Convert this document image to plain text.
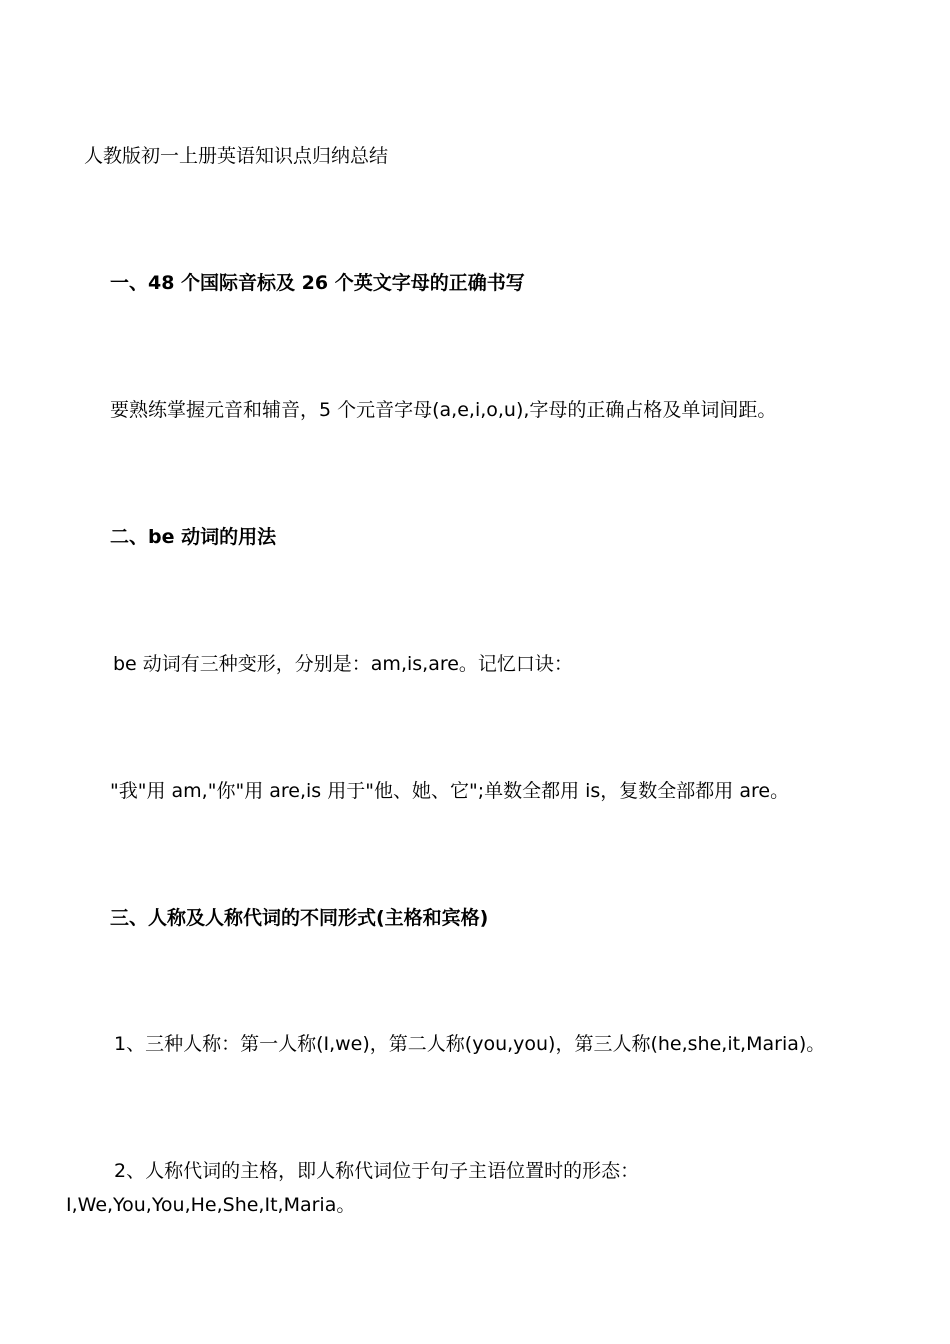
人教版初一上册英语知识点归纳总结

一、48 个国际音标及 26 个英文字母的正确书写

要熟练掌握元音和辅音，5 个元音字母(a,e,i,o,u),字母的正确占格及单词间距。

二、be 动词的用法

be 动词有三种变形，分别是：am,is,are。记忆口诀：

"我"用 am,"你"用 are,is 用于"他、她、它";单数全都用 is，复数全部都用 are。

三、人称及人称代词的不同形式(主格和宾格)

1、三种人称：第一人称(I,we)，第二人称(you,you)，第三人称(he,she,it,Maria)。

2、人称代词的主格，即人称代词位于句子主语位置时的形态：

I,We,You,You,He,She,It,Maria。
